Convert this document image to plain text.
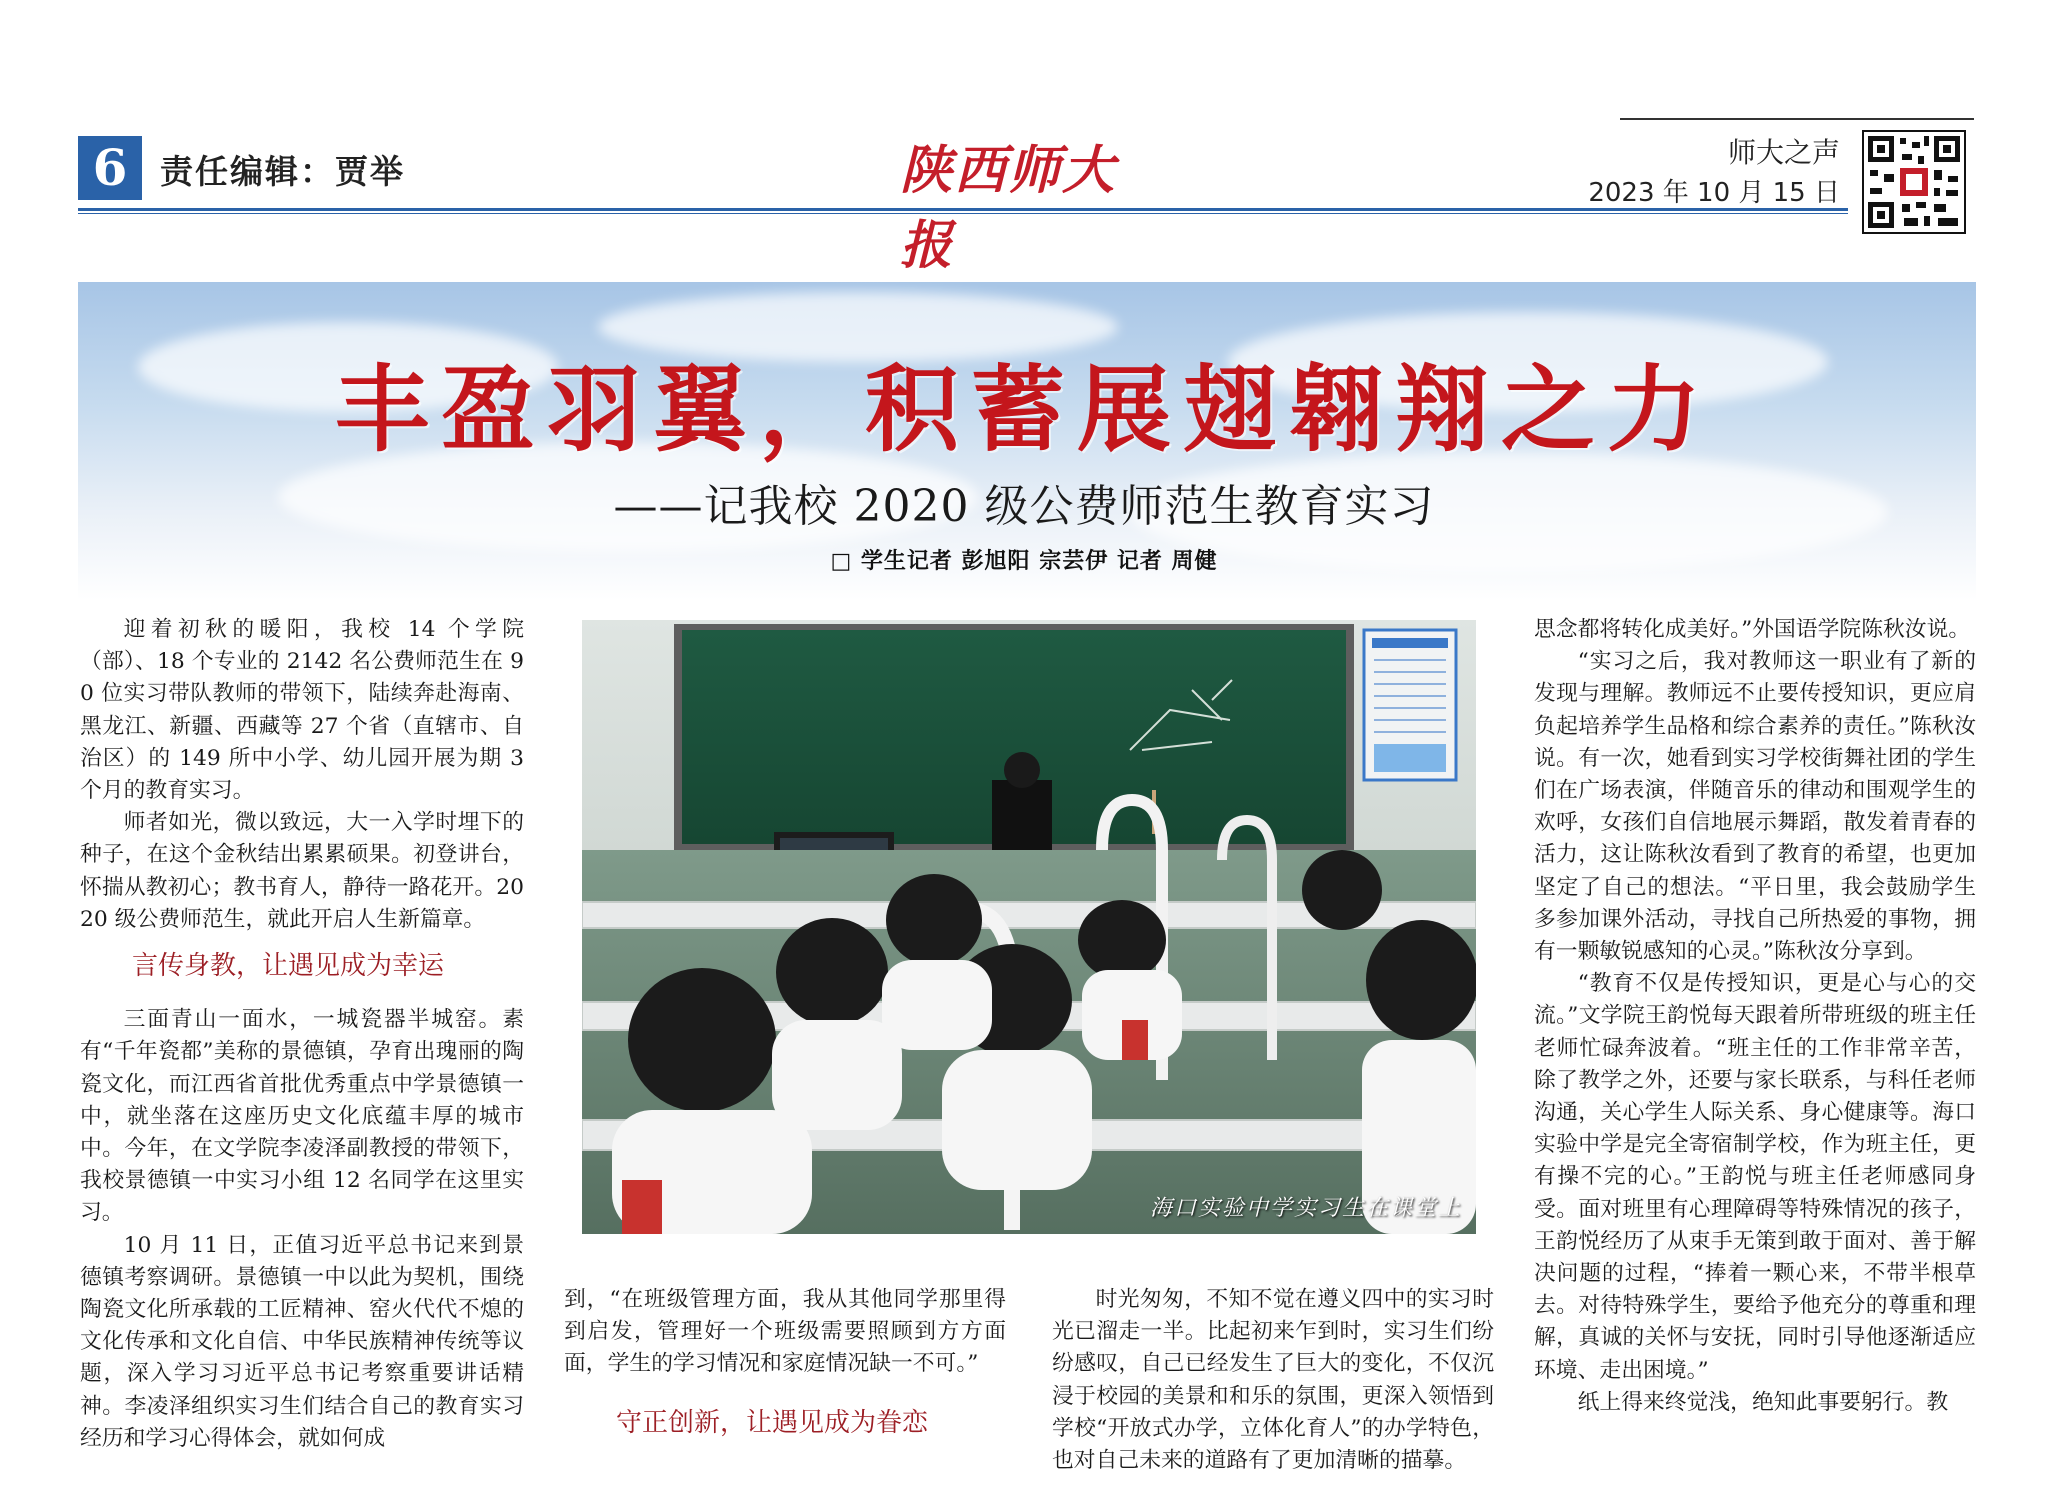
6 责任编辑：贾举	陕西师大报
师大之声
2023 年 10 月 15 日
丰盈羽翼，积蓄展翅翱翔之力
——记我校 2020 级公费师范生教育实习
□ 学生记者 彭旭阳 宗芸伊 记者 周健

迎着初秋的暖阳，我校 14 个学院（部）、18 个专业的 2142 名公费师范生在 90 位实习带队教师的带领下，陆续奔赴海南、黑龙江、新疆、西藏等 27 个省（直辖市、自治区）的 149 所中小学、幼儿园开展为期 3 个月的教育实习。

师者如光，微以致远，大一入学时埋下的种子，在这个金秋结出累累硕果。初登讲台，怀揣从教初心；教书育人，静待一路花开。2020 级公费师范生，就此开启人生新篇章。

言传身教，让遇见成为幸运

三面青山一面水，一城瓷器半城窑。素有“千年瓷都”美称的景德镇，孕育出瑰丽的陶瓷文化，而江西省首批优秀重点中学景德镇一中，就坐落在这座历史文化底蕴丰厚的城市中。今年，在文学院李凌泽副教授的带领下，我校景德镇一中实习小组 12 名同学在这里实习。

10 月 11 日，正值习近平总书记来到景德镇考察调研。景德镇一中以此为契机，围绕陶瓷文化所承载的工匠精神、窑火代代不熄的文化传承和文化自信、中华民族精神传统等议题，深入学习习近平总书记考察重要讲话精神。李凌泽组织实习生们结合自己的教育实习经历和学习心得体会，就如何成

海口实验中学实习生在课堂上

到，“在班级管理方面，我从其他同学那里得到启发，管理好一个班级需要照顾到方方面面，学生的学习情况和家庭情况缺一不可。”

守正创新，让遇见成为眷恋

时光匆匆，不知不觉在遵义四中的实习时光已溜走一半。比起初来乍到时，实习生们纷纷感叹，自己已经发生了巨大的变化，不仅沉浸于校园的美景和和乐的氛围，更深入领悟到学校“开放式办学，立体化育人”的办学特色，也对自己未来的道路有了更加清晰的描摹。

思念都将转化成美好。”外国语学院陈秋汝说。

“实习之后，我对教师这一职业有了新的发现与理解。教师远不止要传授知识，更应肩负起培养学生品格和综合素养的责任。”陈秋汝说。有一次，她看到实习学校街舞社团的学生们在广场表演，伴随音乐的律动和围观学生的欢呼，女孩们自信地展示舞蹈，散发着青春的活力，这让陈秋汝看到了教育的希望，也更加坚定了自己的想法。“平日里，我会鼓励学生多参加课外活动，寻找自己所热爱的事物，拥有一颗敏锐感知的心灵。”陈秋汝分享到。

“教育不仅是传授知识，更是心与心的交流。”文学院王韵悦每天跟着所带班级的班主任老师忙碌奔波着。“班主任的工作非常辛苦，除了教学之外，还要与家长联系，与科任老师沟通，关心学生人际关系、身心健康等。海口实验中学是完全寄宿制学校，作为班主任，更有操不完的心。”王韵悦与班主任老师感同身受。面对班里有心理障碍等特殊情况的孩子，王韵悦经历了从束手无策到敢于面对、善于解决问题的过程，“捧着一颗心来，不带半根草去。对待特殊学生，要给予他充分的尊重和理解，真诚的关怀与安抚，同时引导他逐渐适应环境、走出困境。”

纸上得来终觉浅，绝知此事要躬行。教
